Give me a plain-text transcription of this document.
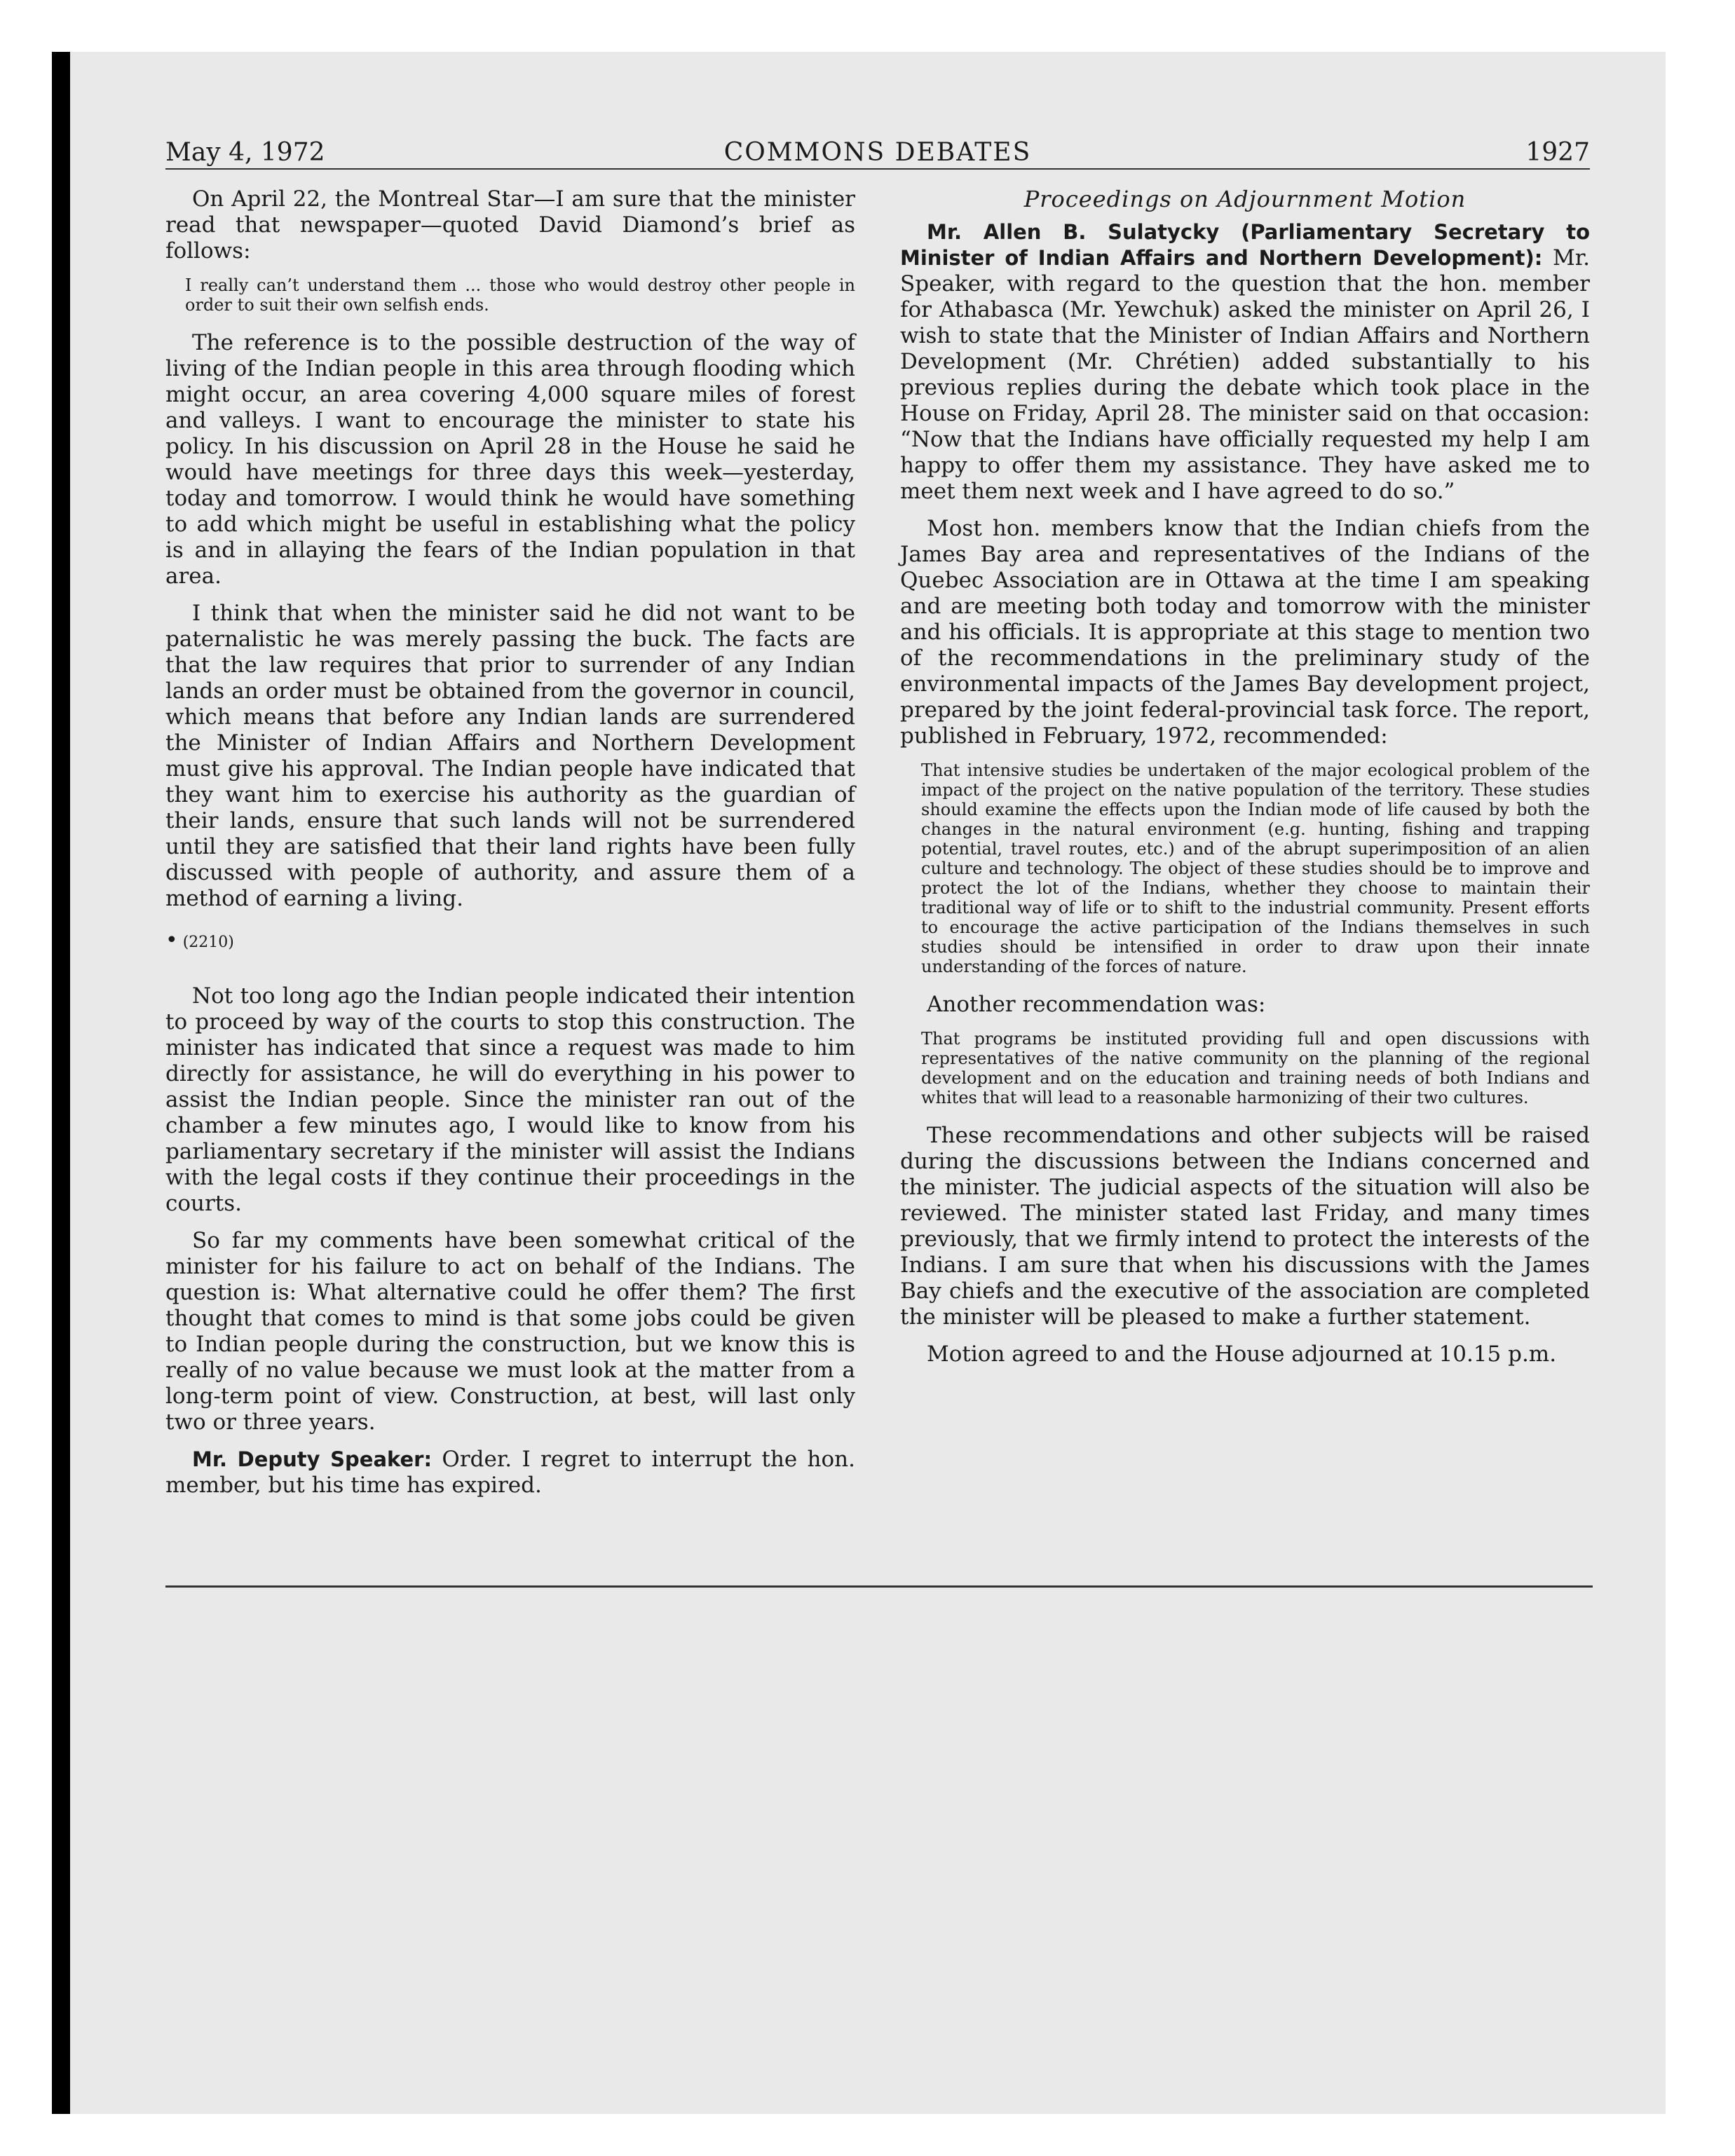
May 4, 1972	COMMONS DEBATES	1927

On April 22, the Montreal Star—I am sure that the minister read that newspaper—quoted David Diamond’s brief as follows:

I really can’t understand them ... those who would destroy other people in order to suit their own selfish ends.

The reference is to the possible destruction of the way of living of the Indian people in this area through flooding which might occur, an area covering 4,000 square miles of forest and valleys. I want to encourage the minister to state his policy. In his discussion on April 28 in the House he said he would have meetings for three days this week—yesterday, today and tomorrow. I would think he would have something to add which might be useful in establishing what the policy is and in allaying the fears of the Indian population in that area.

I think that when the minister said he did not want to be paternalistic he was merely passing the buck. The facts are that the law requires that prior to surrender of any Indian lands an order must be obtained from the governor in council, which means that before any Indian lands are surrendered the Minister of Indian Affairs and Northern Development must give his approval. The Indian people have indicated that they want him to exercise his authority as the guardian of their lands, ensure that such lands will not be surrendered until they are satisfied that their land rights have been fully discussed with people of authority, and assure them of a method of earning a living.

• (2210)

Not too long ago the Indian people indicated their intention to proceed by way of the courts to stop this construction. The minister has indicated that since a request was made to him directly for assistance, he will do everything in his power to assist the Indian people. Since the minister ran out of the chamber a few minutes ago, I would like to know from his parliamentary secretary if the minister will assist the Indians with the legal costs if they continue their proceedings in the courts.

So far my comments have been somewhat critical of the minister for his failure to act on behalf of the Indians. The question is: What alternative could he offer them? The first thought that comes to mind is that some jobs could be given to Indian people during the construction, but we know this is really of no value because we must look at the matter from a long-term point of view. Construction, at best, will last only two or three years.

Mr. Deputy Speaker: Order. I regret to interrupt the hon. member, but his time has expired.

Proceedings on Adjournment Motion

Mr. Allen B. Sulatycky (Parliamentary Secretary to Minister of Indian Affairs and Northern Development): Mr. Speaker, with regard to the question that the hon. member for Athabasca (Mr. Yewchuk) asked the minister on April 26, I wish to state that the Minister of Indian Affairs and Northern Development (Mr. Chrétien) added substantially to his previous replies during the debate which took place in the House on Friday, April 28. The minister said on that occasion: “Now that the Indians have officially requested my help I am happy to offer them my assistance. They have asked me to meet them next week and I have agreed to do so.”

Most hon. members know that the Indian chiefs from the James Bay area and representatives of the Indians of the Quebec Association are in Ottawa at the time I am speaking and are meeting both today and tomorrow with the minister and his officials. It is appropriate at this stage to mention two of the recommendations in the preliminary study of the environmental impacts of the James Bay development project, prepared by the joint federal-provincial task force. The report, published in February, 1972, recommended:

That intensive studies be undertaken of the major ecological problem of the impact of the project on the native population of the territory. These studies should examine the effects upon the Indian mode of life caused by both the changes in the natural environment (e.g. hunting, fishing and trapping potential, travel routes, etc.) and of the abrupt superimposition of an alien culture and technology. The object of these studies should be to improve and protect the lot of the Indians, whether they choose to maintain their traditional way of life or to shift to the industrial community. Present efforts to encourage the active participation of the Indians themselves in such studies should be intensified in order to draw upon their innate understanding of the forces of nature.

Another recommendation was:

That programs be instituted providing full and open discussions with representatives of the native community on the planning of the regional development and on the education and training needs of both Indians and whites that will lead to a reasonable harmonizing of their two cultures.

These recommendations and other subjects will be raised during the discussions between the Indians concerned and the minister. The judicial aspects of the situation will also be reviewed. The minister stated last Friday, and many times previously, that we firmly intend to protect the interests of the Indians. I am sure that when his discussions with the James Bay chiefs and the executive of the association are completed the minister will be pleased to make a further statement.

Motion agreed to and the House adjourned at 10.15 p.m.
